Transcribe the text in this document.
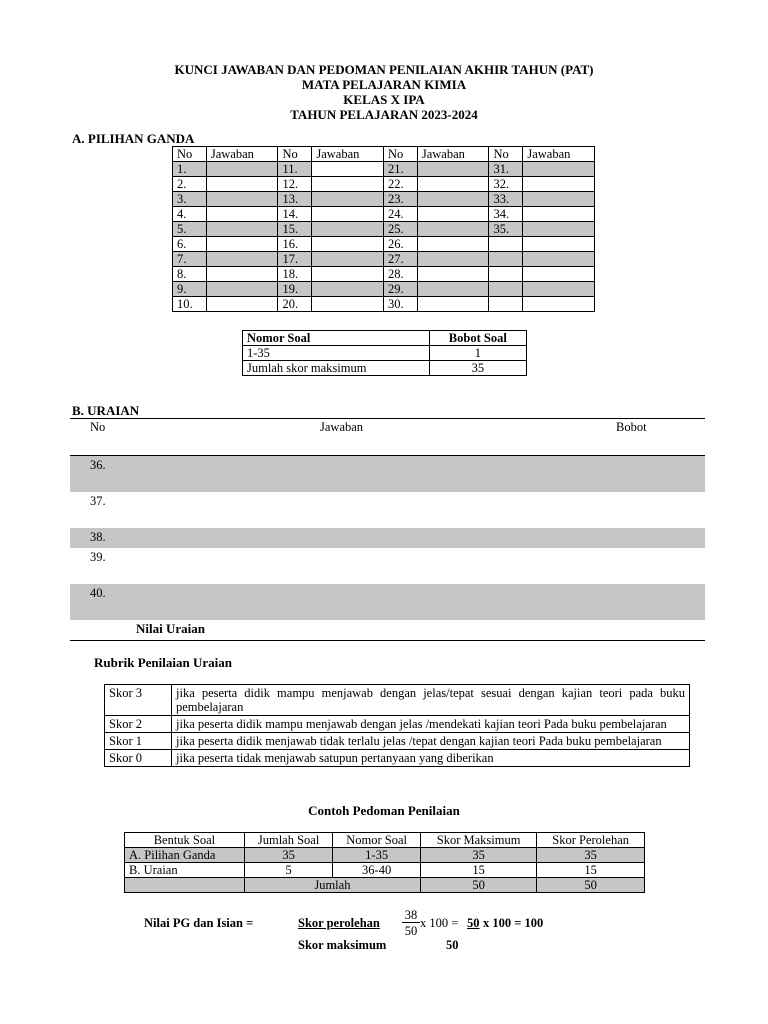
KUNCI JAWABAN DAN PEDOMAN PENILAIAN AKHIR TAHUN (PAT)
MATA PELAJARAN KIMIA
KELAS X IPA
TAHUN PELAJARAN 2023-2024
A. PILIHAN GANDA
No	Jawaban	No	Jawaban	No	Jawaban	No	Jawaban
1.		11.		21.		31.	
2.		12.		22.		32.	
3.		13.		23.		33.	
4.		14.		24.		34.	
5.		15.		25.		35.	
6.		16.		26.			
7.		17.		27.			
8.		18.		28.			
9.		19.		29.			
10.		20.		30.			
Nomor Soal	Bobot Soal
1-35	1
Jumlah skor maksimum	35
B. URAIAN
No	Jawaban	Bobot
36.
37.
38.
39.
40.
Nilai Uraian
Rubrik Penilaian Uraian
Skor 3	jika peserta didik mampu menjawab dengan jelas/tepat sesuai dengan kajian teori pada buku pembelajaran
Skor 2	jika peserta didik mampu menjawab dengan jelas /mendekati kajian teori Pada buku pembelajaran
Skor 1	jika peserta didik menjawab tidak terlalu jelas /tepat dengan kajian teori Pada buku pembelajaran
Skor 0	jika peserta tidak menjawab satupun pertanyaan yang diberikan
Contoh Pedoman Penilaian
Bentuk Soal	Jumlah Soal	Nomor Soal	Skor Maksimum	Skor Perolehan
A. Pilihan Ganda	35	1-35	35	35
B. Uraian	5	36-40	15	15
	Jumlah		50	50
Nilai PG dan Isian =	Skor perolehan
Skor maksimum
38
50
x 100 = 50 x 100 = 100
50
